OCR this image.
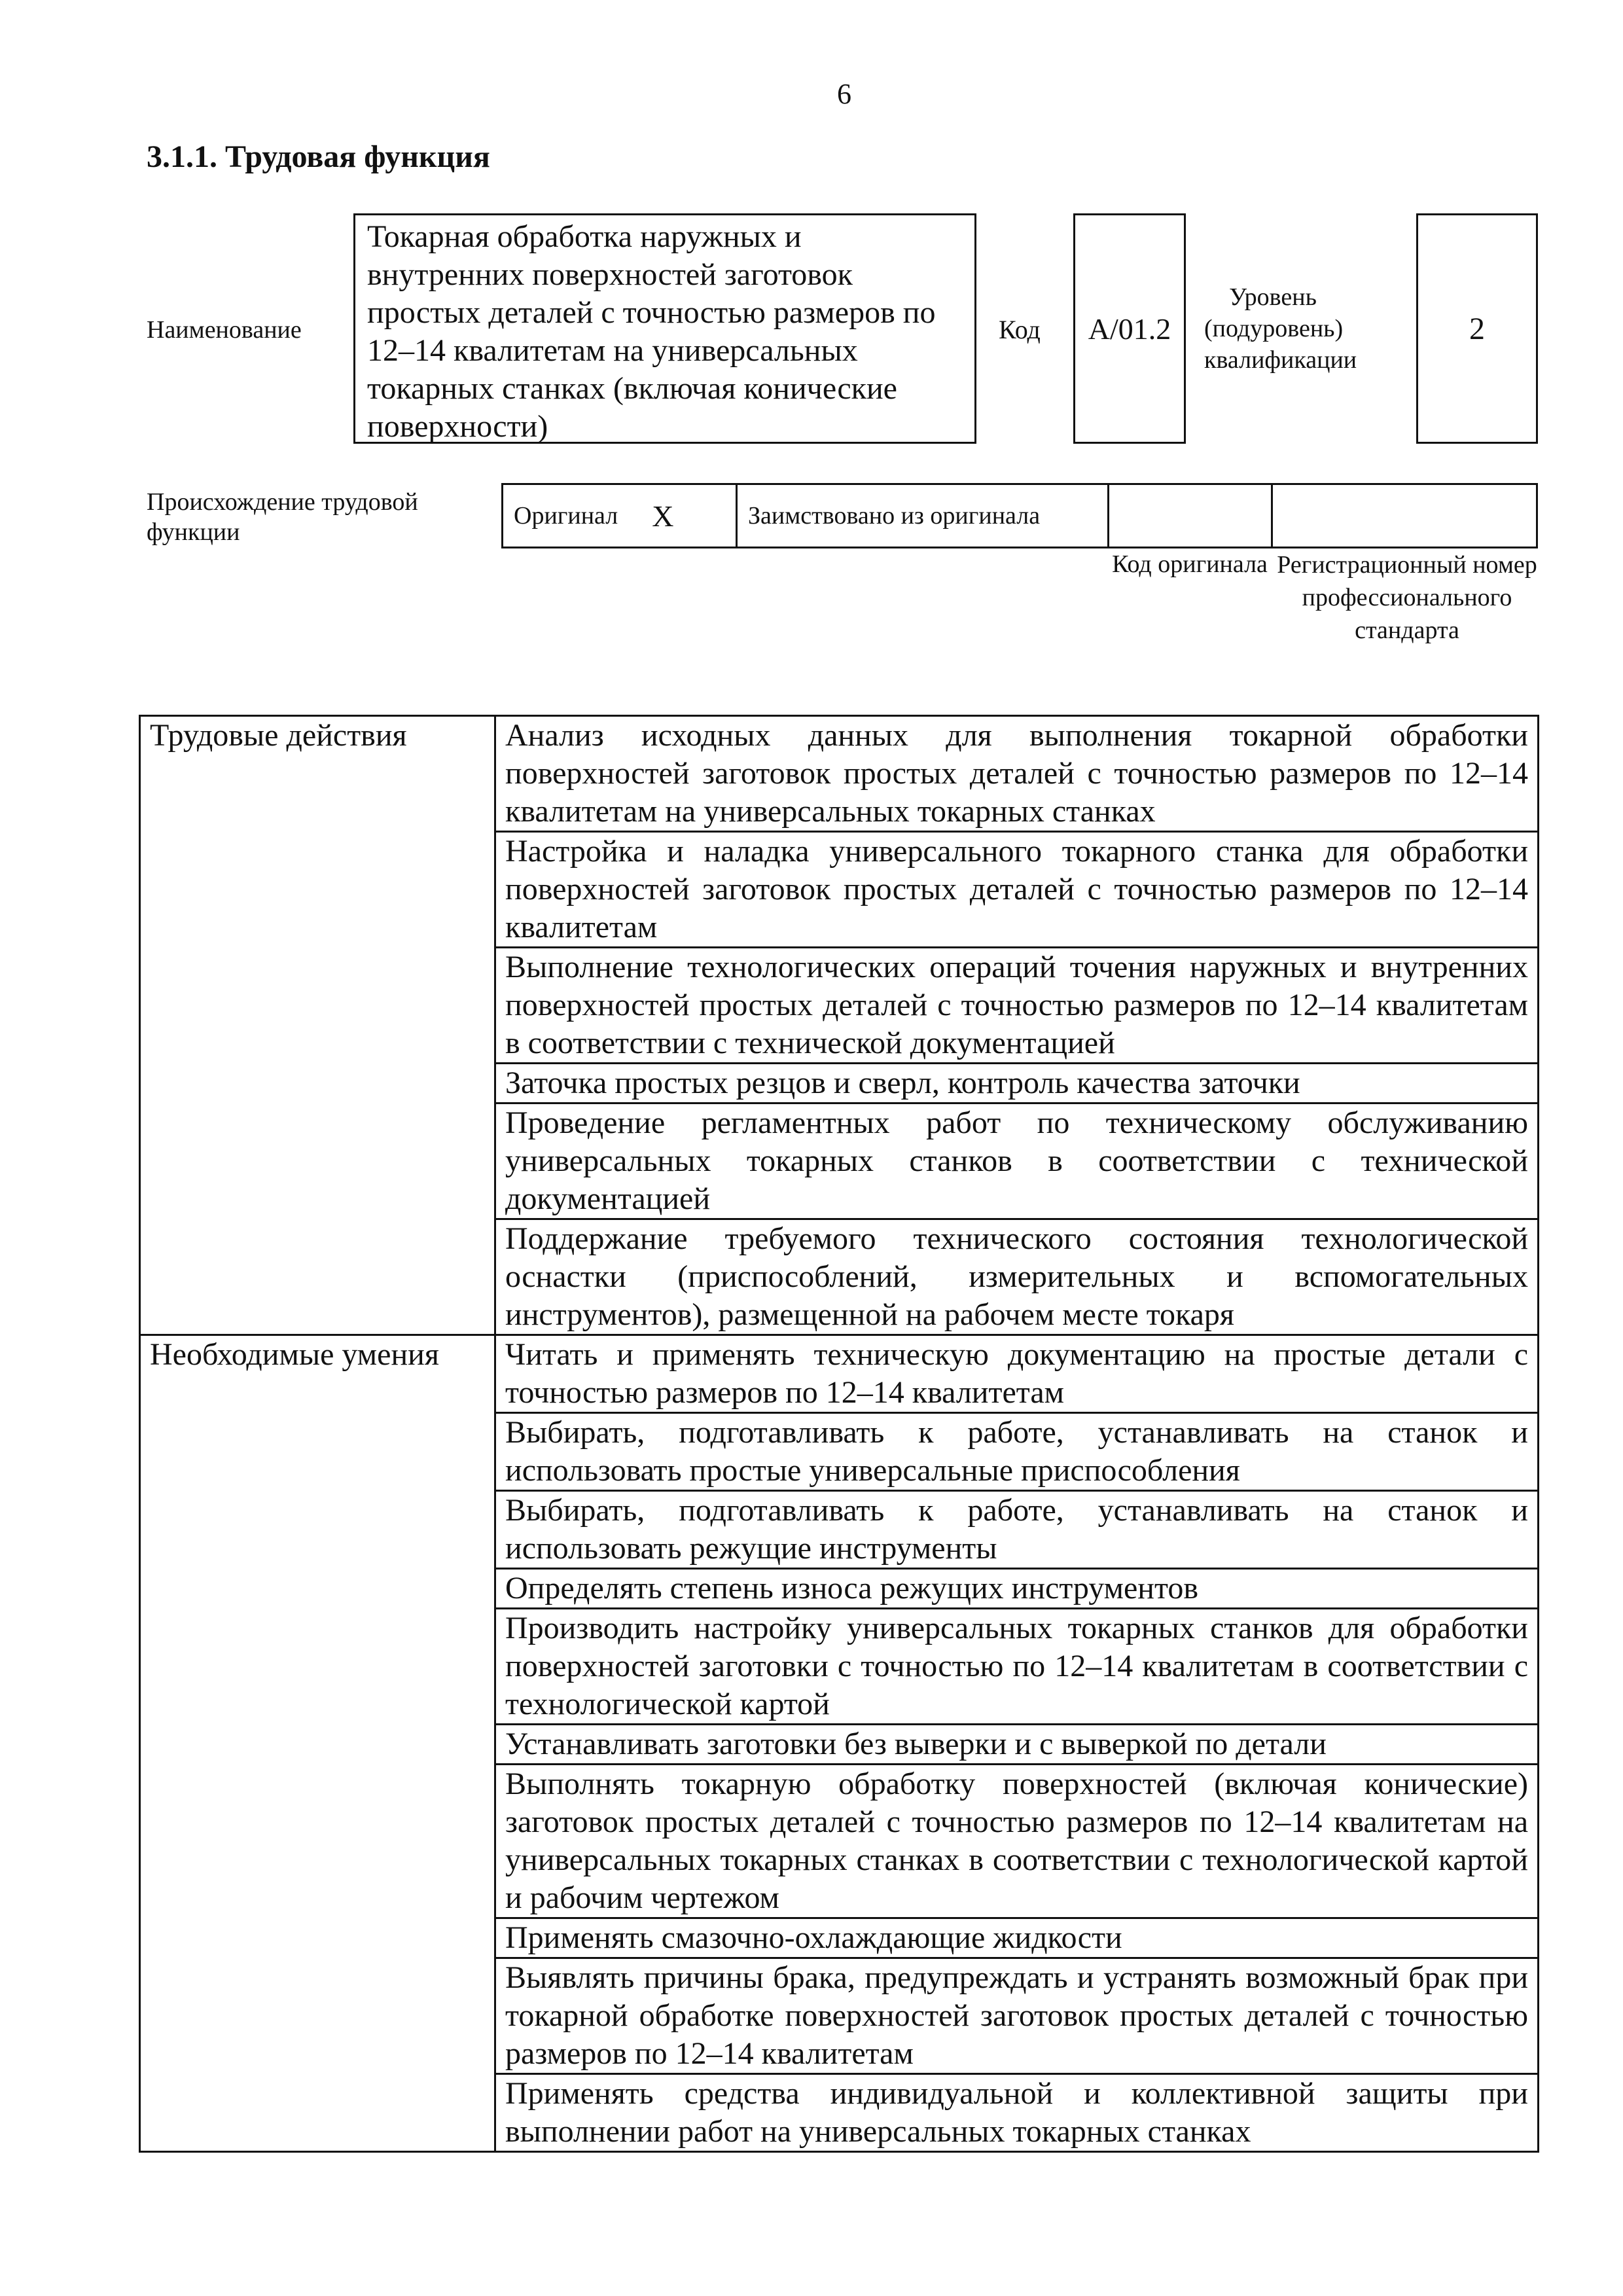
6
3.1.1. Трудовая функция
Наименование
Токарная обработка наружных и внутренних поверхностей заготовок простых деталей с точностью размеров по 12–14 квалитетам на универсальных токарных станках (включая конические поверхности)
Код	А/01.2
Уровень (подуровень) квалификации
2
Происхождение трудовой функции
Оригинал X	Заимствовано из оригинала
Код оригинала Регистрационный номер профессионального стандарта
Трудовые действия	Анализ исходных данных для выполнения токарной обработки поверхностей заготовок простых деталей с точностью размеров по 12–14 квалитетам на универсальных токарных станках
	Настройка и наладка универсального токарного станка для обработки поверхностей заготовок простых деталей с точностью размеров по 12–14 квалитетам
	Выполнение технологических операций точения наружных и внутренних поверхностей простых деталей с точностью размеров по 12–14 квалитетам в соответствии с технической документацией
	Заточка простых резцов и сверл, контроль качества заточки
	Проведение регламентных работ по техническому обслуживанию универсальных токарных станков в соответствии с технической документацией
	Поддержание требуемого технического состояния технологической оснастки (приспособлений, измерительных и вспомогательных инструментов), размещенной на рабочем месте токаря
Необходимые умения	Читать и применять техническую документацию на простые детали с точностью размеров по 12–14 квалитетам
	Выбирать, подготавливать к работе, устанавливать на станок и использовать простые универсальные приспособления
	Выбирать, подготавливать к работе, устанавливать на станок и использовать режущие инструменты
	Определять степень износа режущих инструментов
	Производить настройку универсальных токарных станков для обработки поверхностей заготовки с точностью по 12–14 квалитетам в соответствии с технологической картой
	Устанавливать заготовки без выверки и с выверкой по детали
	Выполнять токарную обработку поверхностей (включая конические) заготовок простых деталей с точностью размеров по 12–14 квалитетам на универсальных токарных станках в соответствии с технологической картой и рабочим чертежом
	Применять смазочно-охлаждающие жидкости
	Выявлять причины брака, предупреждать и устранять возможный брак при токарной обработке поверхностей заготовок простых деталей с точностью размеров по 12–14 квалитетам
	Применять средства индивидуальной и коллективной защиты при выполнении работ на универсальных токарных станках
